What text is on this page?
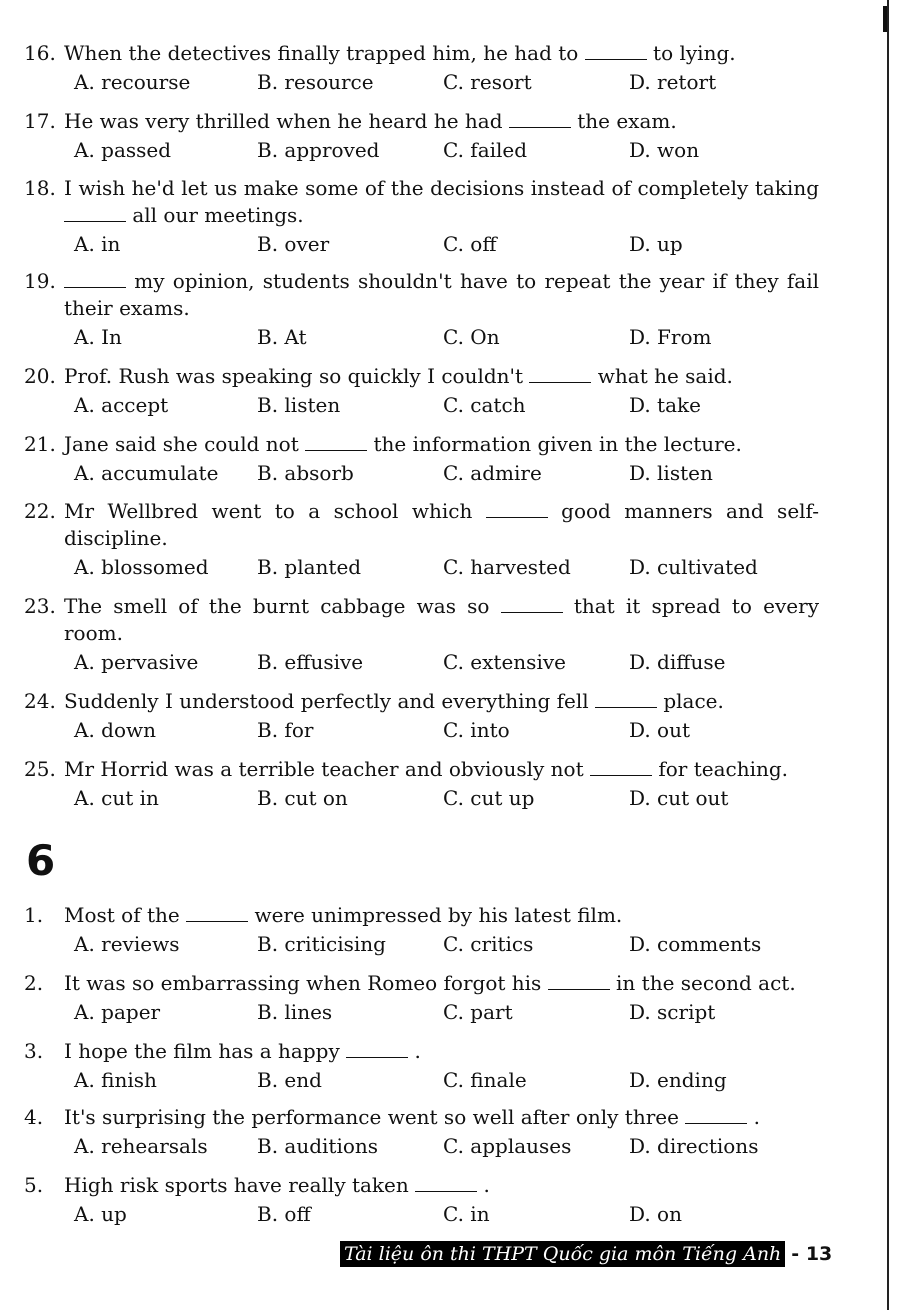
16. When the detectives finally trapped him, he had to	to lying.
A. recourse	B. resource	C. resort	D. retort
17. He was very thrilled when he heard he had	the exam.
A. passed	B. approved	C. failed	D. won
18. I wish he'd let us make some of the decisions instead of completely taking  all our meetings.
A. in	B. over	C. off	D. up
19.	my opinion, students shouldn't have to repeat the year if they fail their exams.
A. In	B. At	C. On	D. From
20. Prof. Rush was speaking so quickly I couldn't	what he said.
A. accept	B. listen	C. catch	D. take
21. Jane said she could not	the information given in the lecture.
A. accumulate B. absorb	C. admire	D. listen
22. Mr Wellbred went to a school which	good manners and self-discipline.
A. blossomed B. planted	C. harvested	D. cultivated
23. The smell of the burnt cabbage was so	that it spread to every room.
A. pervasive	B. effusive	C. extensive	D. diffuse
24. Suddenly I understood perfectly and everything fell	place.
A. down	B. for	C. into	D. out
25. Mr Horrid was a terrible teacher and obviously not	for teaching.
A. cut in	B. cut on	C. cut up	D. cut out
1.	Most of the	were unimpressed by his latest film.
A. reviews	B. criticising	C. critics	D. comments
2.	It was so embarrassing when Romeo forgot his	in the second act.
A. paper	B. lines	C. part	D. script
3.	I hope the film has a happy	.
A. finish	B. end	C. finale	D. ending
4.	It's surprising the performance went so well after only three	.
A. rehearsals B. auditions	C. applauses	D. directions
5.	High risk sports have really taken	.
A. up	B. off	C. in	D. on
6
Tài liệu ôn thi THPT Quốc gia môn Tiếng Anh - 13
